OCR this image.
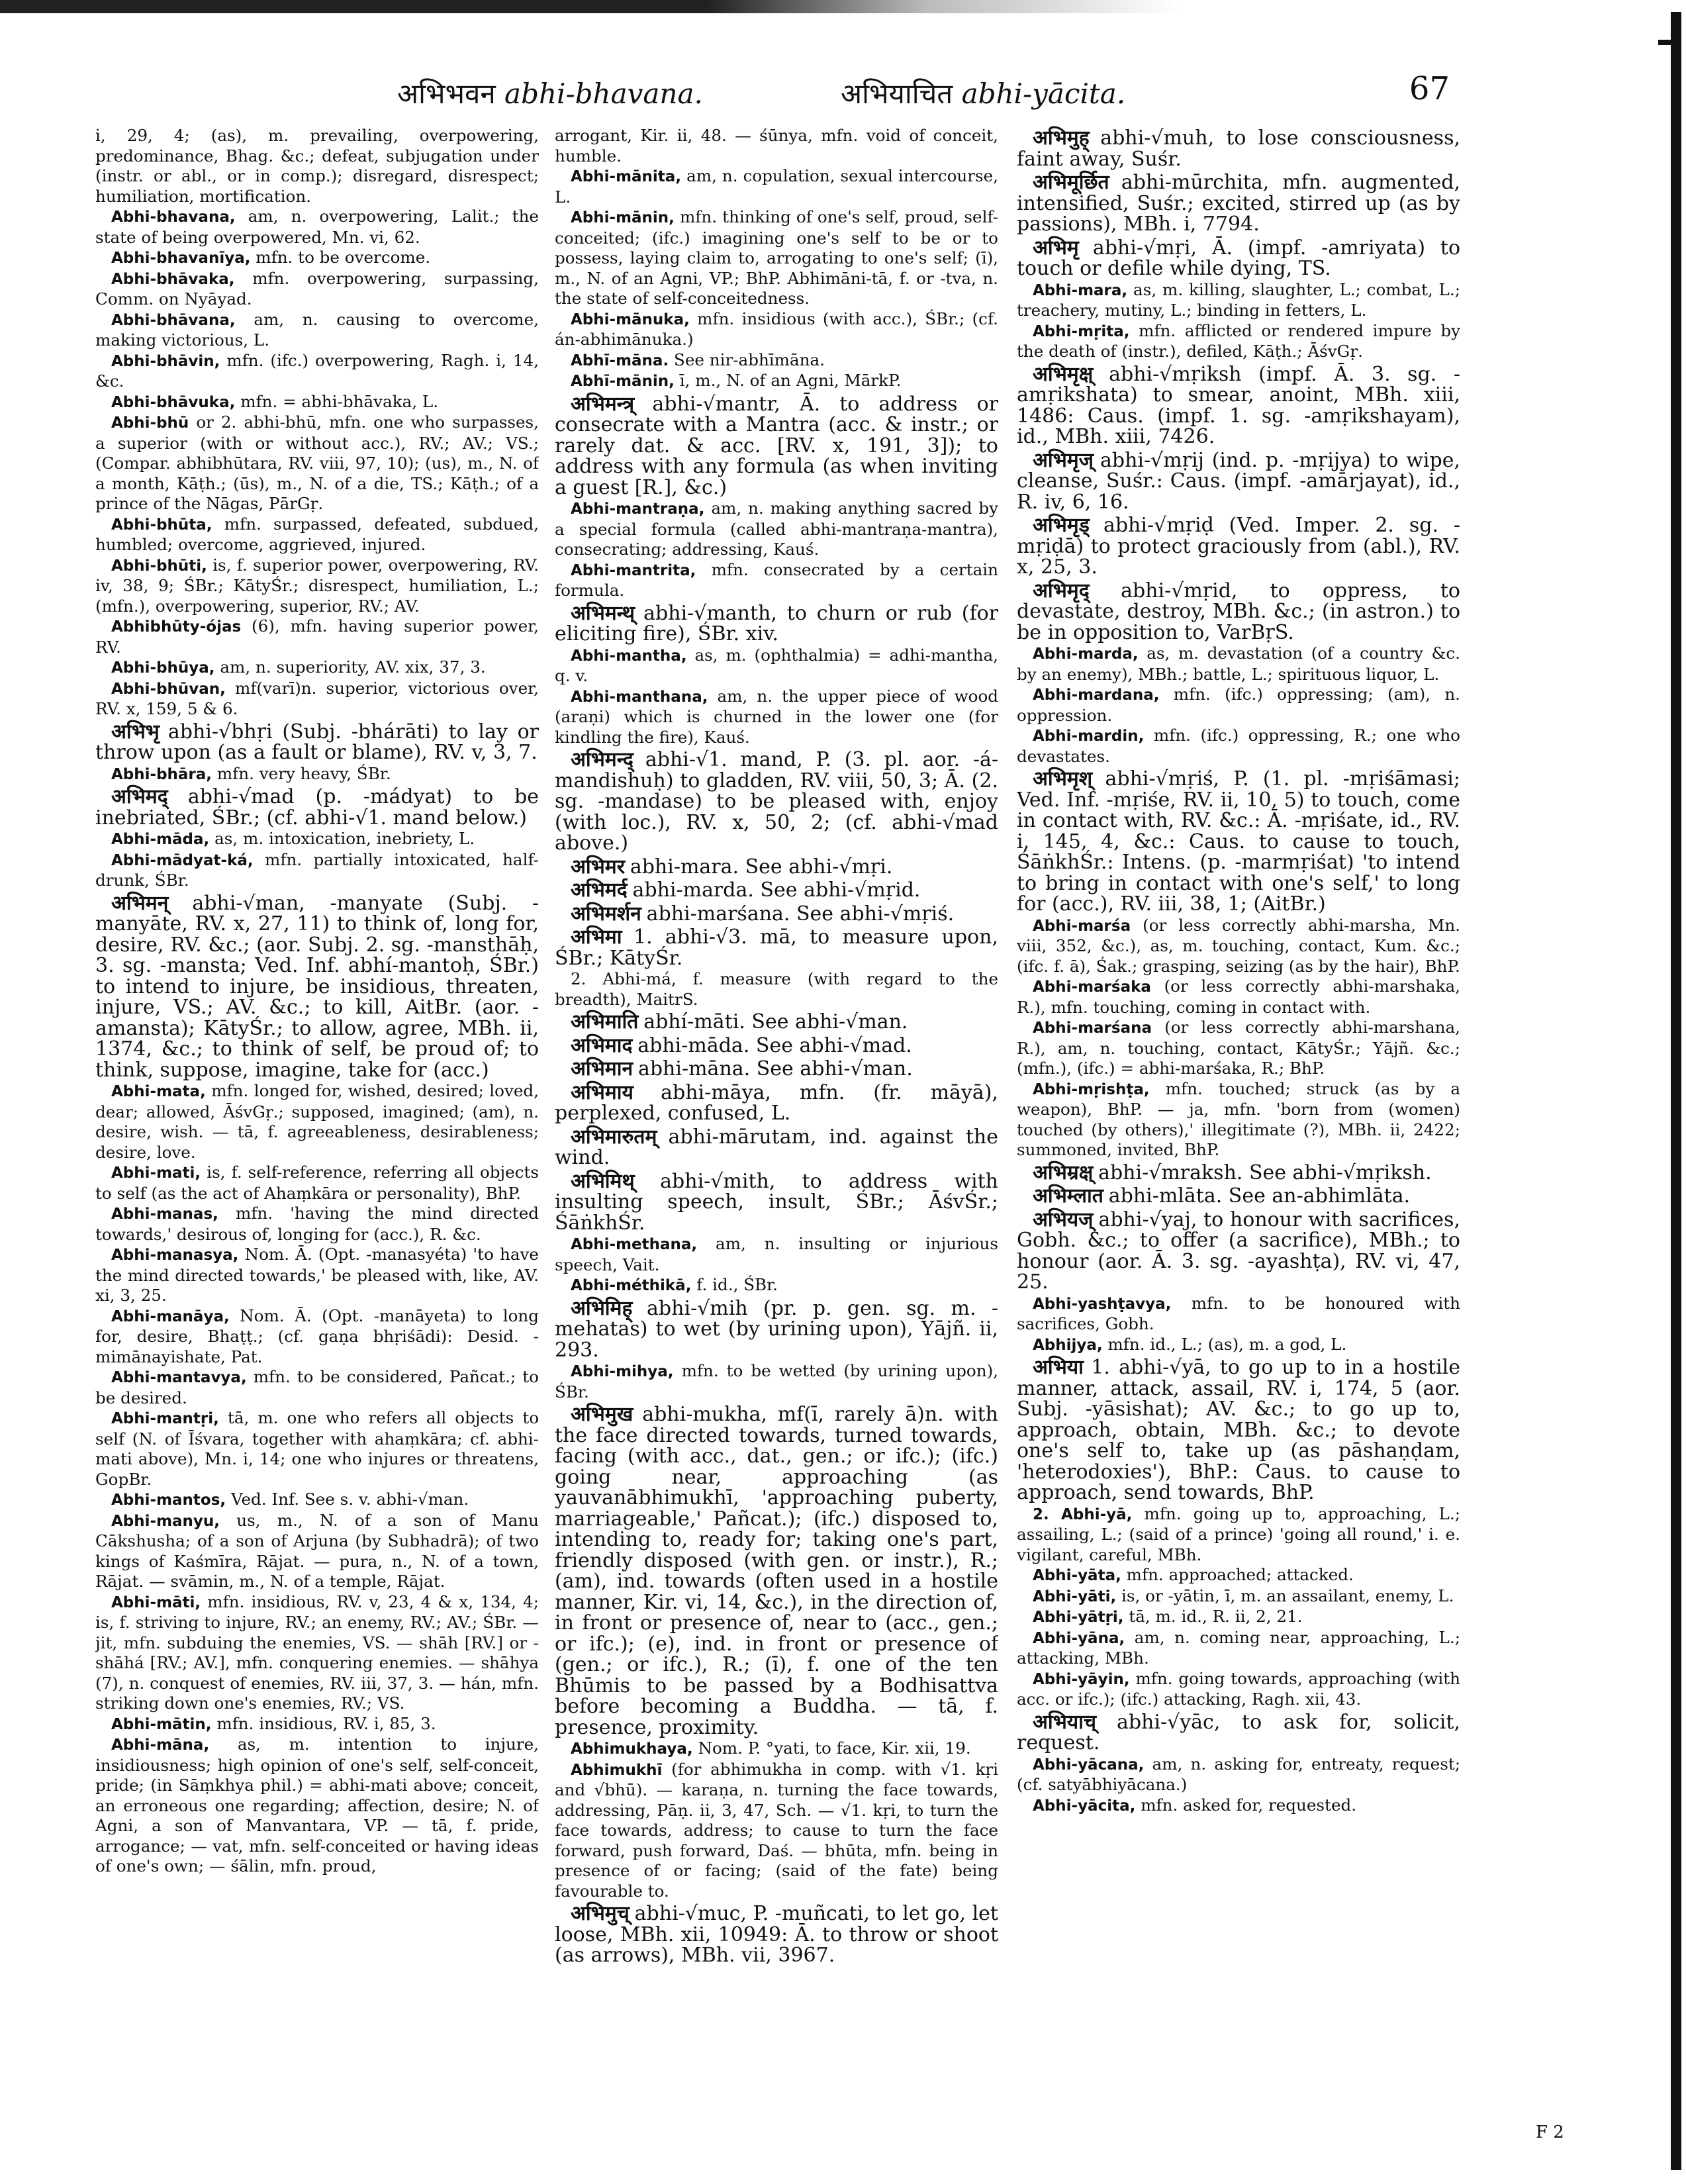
अभिभवन abhi-bhavana.	अभियाचित abhi-yācita.	67

i, 29, 4; (as), m. prevailing, overpowering, predominance, Bhag. &c.; defeat, subjugation under (instr. or abl., or in comp.); disregard, disrespect; humiliation, mortification.

Abhi-bhavana, am, n. overpowering, Lalit.; the state of being overpowered, Mn. vi, 62.

Abhi-bhavanīya, mfn. to be overcome.

Abhi-bhāvaka, mfn. overpowering, surpassing, Comm. on Nyāyad.

Abhi-bhāvana, am, n. causing to overcome, making victorious, L.

Abhi-bhāvin, mfn. (ifc.) overpowering, Ragh. i, 14, &c.

Abhi-bhāvuka, mfn. = abhi-bhāvaka, L.

Abhi-bhū or 2. abhi-bhū, mfn. one who surpasses, a superior (with or without acc.), RV.; AV.; VS.; (Compar. abhibhūtara, RV. viii, 97, 10); (us), m., N. of a month, Kāṭh.; (ūs), m., N. of a die, TS.; Kāṭh.; of a prince of the Nāgas, PārGṛ.

Abhi-bhūta, mfn. surpassed, defeated, subdued, humbled; overcome, aggrieved, injured.

Abhi-bhūti, is, f. superior power, overpowering, RV. iv, 38, 9; ŚBr.; KātyŚr.; disrespect, humiliation, L.; (mfn.), overpowering, superior, RV.; AV.

Abhibhūty-ójas (6), mfn. having superior power, RV.

Abhi-bhūya, am, n. superiority, AV. xix, 37, 3.

Abhi-bhūvan, mf(varī)n. superior, victorious over, RV. x, 159, 5 & 6.

अभिभृ abhi-√bhṛi (Subj. -bhárāti) to lay or throw upon (as a fault or blame), RV. v, 3, 7.

Abhi-bhāra, mfn. very heavy, ŚBr.

अभिमद् abhi-√mad (p. -mádyat) to be inebriated, ŚBr.; (cf. abhi-√1. mand below.)

Abhi-māda, as, m. intoxication, inebriety, L.

Abhi-mādyat-ká, mfn. partially intoxicated, half-drunk, ŚBr.

अभिमन् abhi-√man, -manyate (Subj. -manyāte, RV. x, 27, 11) to think of, long for, desire, RV. &c.; (aor. Subj. 2. sg. -mansthāḥ, 3. sg. -mansta; Ved. Inf. abhí-mantoḥ, ŚBr.) to intend to injure, be insidious, threaten, injure, VS.; AV. &c.; to kill, AitBr. (aor. -amansta); KātyŚr.; to allow, agree, MBh. ii, 1374, &c.; to think of self, be proud of; to think, suppose, imagine, take for (acc.)

Abhi-mata, mfn. longed for, wished, desired; loved, dear; allowed, ĀśvGṛ.; supposed, imagined; (am), n. desire, wish. — tā, f. agreeableness, desirableness; desire, love.

Abhi-mati, is, f. self-reference, referring all objects to self (as the act of Ahaṃkāra or personality), BhP.

Abhi-manas, mfn. 'having the mind directed towards,' desirous of, longing for (acc.), R. &c.

Abhi-manasya, Nom. Ā. (Opt. -manasyéta) 'to have the mind directed towards,' be pleased with, like, AV. xi, 3, 25.

Abhi-manāya, Nom. Ā. (Opt. -manāyeta) to long for, desire, Bhaṭṭ.; (cf. gaṇa bhṛiśādi): Desid. -mimānayishate, Pat.

Abhi-mantavya, mfn. to be considered, Pañcat.; to be desired.

Abhi-mantṛi, tā, m. one who refers all objects to self (N. of Īśvara, together with ahaṃkāra; cf. abhi-mati above), Mn. i, 14; one who injures or threatens, GopBr.

Abhi-mantos, Ved. Inf. See s. v. abhi-√man.

Abhi-manyu, us, m., N. of a son of Manu Cākshusha; of a son of Arjuna (by Subhadrā); of two kings of Kaśmīra, Rājat. — pura, n., N. of a town, Rājat. — svāmin, m., N. of a temple, Rājat.

Abhi-māti, mfn. insidious, RV. v, 23, 4 & x, 134, 4; is, f. striving to injure, RV.; an enemy, RV.; AV.; ŚBr. — jit, mfn. subduing the enemies, VS. — shāh [RV.] or -shāhá [RV.; AV.], mfn. conquering enemies. — shāhya (7), n. conquest of enemies, RV. iii, 37, 3. — hán, mfn. striking down one's enemies, RV.; VS.

Abhi-mātin, mfn. insidious, RV. i, 85, 3.

Abhi-māna, as, m. intention to injure, insidiousness; high opinion of one's self, self-conceit, pride; (in Sāṃkhya phil.) = abhi-mati above; conceit, an erroneous one regarding; affection, desire; N. of Agni, a son of Manvantara, VP. — tā, f. pride, arrogance; — vat, mfn. self-conceited or having ideas of one's own; — śālin, mfn. proud,

arrogant, Kir. ii, 48. — śūnya, mfn. void of conceit, humble.

Abhi-mānita, am, n. copulation, sexual intercourse, L.

Abhi-mānin, mfn. thinking of one's self, proud, self-conceited; (ifc.) imagining one's self to be or to possess, laying claim to, arrogating to one's self; (ī), m., N. of an Agni, VP.; BhP. Abhimāni-tā, f. or -tva, n. the state of self-conceitedness.

Abhi-mānuka, mfn. insidious (with acc.), ŚBr.; (cf. án-abhimānuka.)

Abhī-māna. See nir-abhīmāna.

Abhī-mānin, ī, m., N. of an Agni, MārkP.

अभिमन्त्र् abhi-√mantr, Ā. to address or consecrate with a Mantra (acc. & instr.; or rarely dat. & acc. [RV. x, 191, 3]); to address with any formula (as when inviting a guest [R.], &c.)

Abhi-mantraṇa, am, n. making anything sacred by a special formula (called abhi-mantraṇa-mantra), consecrating; addressing, Kauś.

Abhi-mantrita, mfn. consecrated by a certain formula.

अभिमन्थ् abhi-√manth, to churn or rub (for eliciting fire), ŚBr. xiv.

Abhi-mantha, as, m. (ophthalmia) = adhi-mantha, q. v.

Abhi-manthana, am, n. the upper piece of wood (araṇi) which is churned in the lower one (for kindling the fire), Kauś.

अभिमन्द् abhi-√1. mand, P. (3. pl. aor. -á-mandishuḥ) to gladden, RV. viii, 50, 3; Ā. (2. sg. -mandase) to be pleased with, enjoy (with loc.), RV. x, 50, 2; (cf. abhi-√mad above.)

अभिमर abhi-mara. See abhi-√mṛi.

अभिमर्द abhi-marda. See abhi-√mṛid.

अभिमर्शन abhi-marśana. See abhi-√mṛiś.

अभिमा 1. abhi-√3. mā, to measure upon, ŚBr.; KātyŚr.

2. Abhi-má, f. measure (with regard to the breadth), MaitrS.

अभिमाति abhí-māti. See abhi-√man.

अभिमाद abhi-māda. See abhi-√mad.

अभिमान abhi-māna. See abhi-√man.

अभिमाय abhi-māya, mfn. (fr. māyā), perplexed, confused, L.

अभिमारुतम् abhi-mārutam, ind. against the wind.

अभिमिथ् abhi-√mith, to address with insulting speech, insult, ŚBr.; ĀśvŚr.; ŚāṅkhŚr.

Abhi-methana, am, n. insulting or injurious speech, Vait.

Abhi-méthikā, f. id., ŚBr.

अभिमिह् abhi-√mih (pr. p. gen. sg. m. -mehatas) to wet (by urining upon), Yājñ. ii, 293.

Abhi-mihya, mfn. to be wetted (by urining upon), ŚBr.

अभिमुख abhi-mukha, mf(ī, rarely ā)n. with the face directed towards, turned towards, facing (with acc., dat., gen.; or ifc.); (ifc.) going near, approaching (as yauvanābhimukhī, 'approaching puberty, marriageable,' Pañcat.); (ifc.) disposed to, intending to, ready for; taking one's part, friendly disposed (with gen. or instr.), R.; (am), ind. towards (often used in a hostile manner, Kir. vi, 14, &c.), in the direction of, in front or presence of, near to (acc., gen.; or ifc.); (e), ind. in front or presence of (gen.; or ifc.), R.; (ī), f. one of the ten Bhūmis to be passed by a Bodhisattva before becoming a Buddha. — tā, f. presence, proximity.

Abhimukhaya, Nom. P. °yati, to face, Kir. xii, 19.

Abhimukhī (for abhimukha in comp. with √1. kṛi and √bhū). — karaṇa, n. turning the face towards, addressing, Pāṇ. ii, 3, 47, Sch. — √1. kṛi, to turn the face towards, address; to cause to turn the face forward, push forward, Daś. — bhūta, mfn. being in presence of or facing; (said of the fate) being favourable to.

अभिमुच् abhi-√muc, P. -muñcati, to let go, let loose, MBh. xii, 10949: Ā. to throw or shoot (as arrows), MBh. vii, 3967.

अभिमुह् abhi-√muh, to lose consciousness, faint away, Suśr.

अभिमूर्छित abhi-mūrchita, mfn. augmented, intensified, Suśr.; excited, stirred up (as by passions), MBh. i, 7794.

अभिमृ abhi-√mṛi, Ā. (impf. -amriyata) to touch or defile while dying, TS.

Abhi-mara, as, m. killing, slaughter, L.; combat, L.; treachery, mutiny, L.; binding in fetters, L.

Abhi-mṛita, mfn. afflicted or rendered impure by the death of (instr.), defiled, Kāṭh.; ĀśvGṛ.

अभिमृक्ष् abhi-√mṛiksh (impf. Ā. 3. sg. -amṛikshata) to smear, anoint, MBh. xiii, 1486: Caus. (impf. 1. sg. -amṛikshayam), id., MBh. xiii, 7426.

अभिमृज् abhi-√mṛij (ind. p. -mṛijya) to wipe, cleanse, Suśr.: Caus. (impf. -amārjayat), id., R. iv, 6, 16.

अभिमृड् abhi-√mṛiḍ (Ved. Imper. 2. sg. -mṛiḍā) to protect graciously from (abl.), RV. x, 25, 3.

अभिमृद् abhi-√mṛid, to oppress, to devastate, destroy, MBh. &c.; (in astron.) to be in opposition to, VarBṛS.

Abhi-marda, as, m. devastation (of a country &c. by an enemy), MBh.; battle, L.; spirituous liquor, L.

Abhi-mardana, mfn. (ifc.) oppressing; (am), n. oppression.

Abhi-mardin, mfn. (ifc.) oppressing, R.; one who devastates.

अभिमृश् abhi-√mṛiś, P. (1. pl. -mṛiśāmasi; Ved. Inf. -mṛiśe, RV. ii, 10, 5) to touch, come in contact with, RV. &c.: Ā. -mṛiśate, id., RV. i, 145, 4, &c.: Caus. to cause to touch, ŚāṅkhŚr.: Intens. (p. -marmṛiśat) 'to intend to bring in contact with one's self,' to long for (acc.), RV. iii, 38, 1; (AitBr.)

Abhi-marśa (or less correctly abhi-marsha, Mn. viii, 352, &c.), as, m. touching, contact, Kum. &c.; (ifc. f. ā), Śak.; grasping, seizing (as by the hair), BhP.

Abhi-marśaka (or less correctly abhi-marshaka, R.), mfn. touching, coming in contact with.

Abhi-marśana (or less correctly abhi-marshana, R.), am, n. touching, contact, KātyŚr.; Yājñ. &c.; (mfn.), (ifc.) = abhi-marśaka, R.; BhP.

Abhi-mṛishṭa, mfn. touched; struck (as by a weapon), BhP. — ja, mfn. 'born from (women) touched (by others),' illegitimate (?), MBh. ii, 2422; summoned, invited, BhP.

अभिम्रक्ष् abhi-√mraksh. See abhi-√mṛiksh.

अभिम्लात abhi-mlāta. See an-abhimlāta.

अभियज् abhi-√yaj, to honour with sacrifices, Gobh. &c.; to offer (a sacrifice), MBh.; to honour (aor. Ā. 3. sg. -ayashṭa), RV. vi, 47, 25.

Abhi-yashṭavya, mfn. to be honoured with sacrifices, Gobh.

Abhijya, mfn. id., L.; (as), m. a god, L.

अभिया 1. abhi-√yā, to go up to in a hostile manner, attack, assail, RV. i, 174, 5 (aor. Subj. -yāsishat); AV. &c.; to go up to, approach, obtain, MBh. &c.; to devote one's self to, take up (as pāshaṇḍam, 'heterodoxies'), BhP.: Caus. to cause to approach, send towards, BhP.

2. Abhi-yā, mfn. going up to, approaching, L.; assailing, L.; (said of a prince) 'going all round,' i. e. vigilant, careful, MBh.

Abhi-yāta, mfn. approached; attacked.

Abhi-yāti, is, or -yātin, ī, m. an assailant, enemy, L.

Abhi-yātṛi, tā, m. id., R. ii, 2, 21.

Abhi-yāna, am, n. coming near, approaching, L.; attacking, MBh.

Abhi-yāyin, mfn. going towards, approaching (with acc. or ifc.); (ifc.) attacking, Ragh. xii, 43.

अभियाच् abhi-√yāc, to ask for, solicit, request.

Abhi-yācana, am, n. asking for, entreaty, request; (cf. satyābhiyācana.)

Abhi-yācita, mfn. asked for, requested.

F 2
